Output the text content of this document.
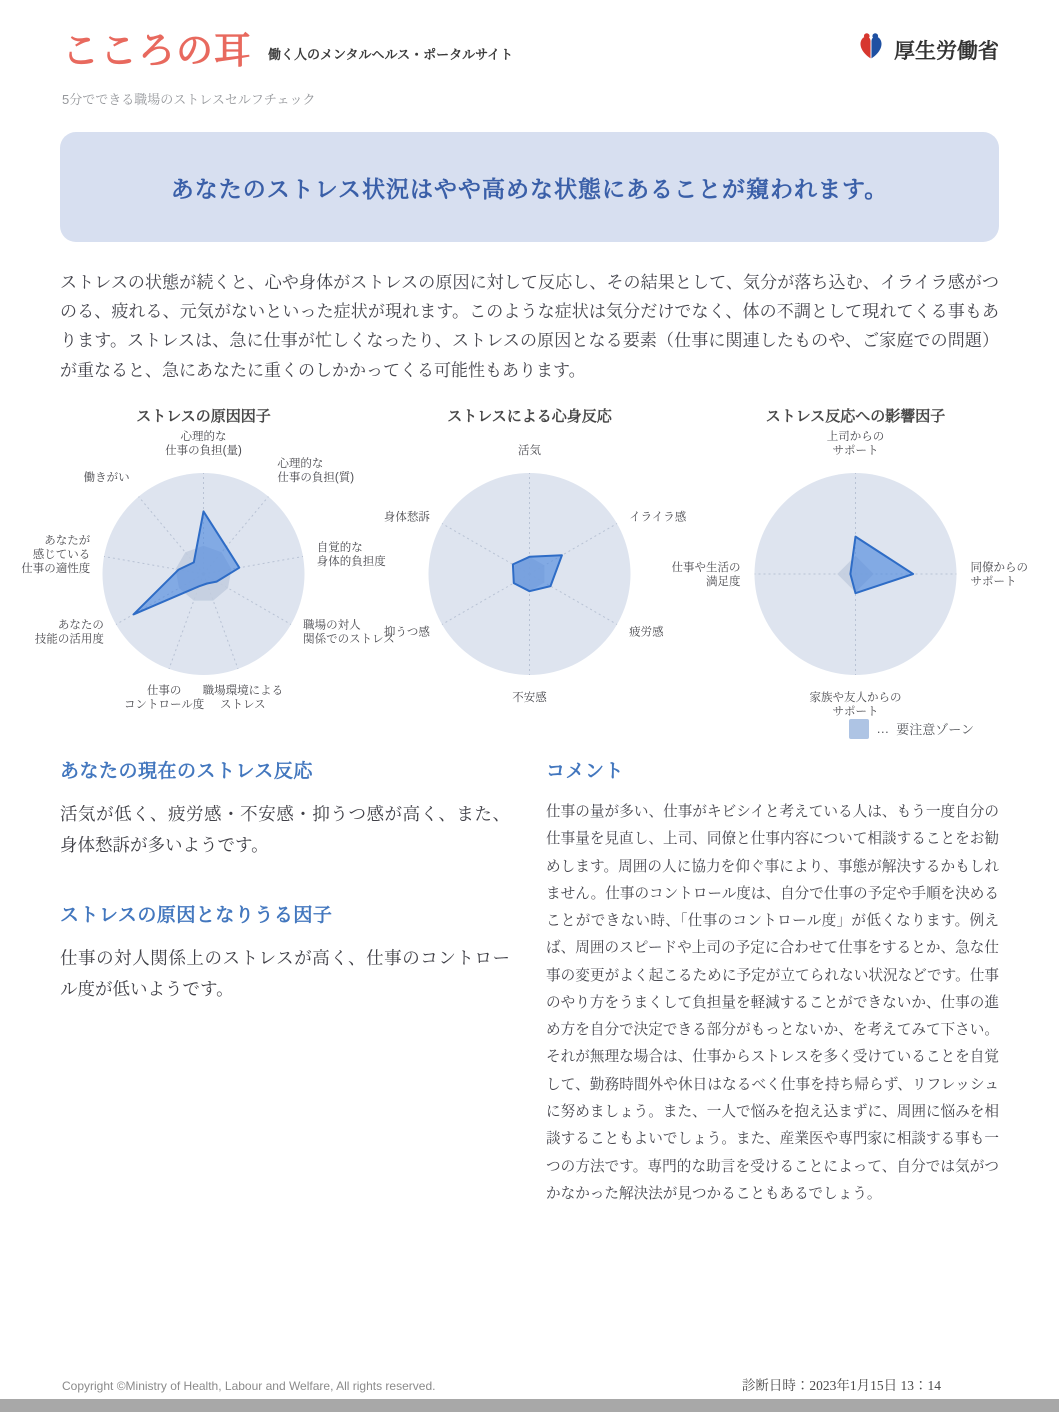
こころの耳 働く人のメンタルヘルス・ポータルサイト	厚生労働省
5分でできる職場のストレスセルフチェック
あなたのストレス状況はやや高めな状態にあることが窺われます。

ストレスの状態が続くと、心や身体がストレスの原因に対して反応し、その結果として、気分が落ち込む、イライラ感がつのる、疲れる、元気がないといった症状が現れます。このような症状は気分だけでなく、体の不調として現れてくる事もあります。ストレスは、急に仕事が忙しくなったり、ストレスの原因となる要素（仕事に関連したものや、ご家庭での問題）が重なると、急にあなたに重くのしかかってくる可能性もあります。

ストレスの原因因子
心理的な仕事の負担(量)
心理的な仕事の負担(質)
自覚的な身体的負担度
職場の対人関係でのストレス
職場環境によるストレス
仕事のコントロール度
あなたの技能の活用度
あなたが感じている仕事の適性度
働きがい
ストレスによる心身反応
活気
イライラ感
疲労感
不安感
抑うつ感
身体愁訴
ストレス反応への影響因子
上司からのサポート
同僚からのサポート
家族や友人からのサポート
仕事や生活の満足度
… 要注意ゾーン
あなたの現在のストレス反応

活気が低く、疲労感・不安感・抑うつ感が高く、また、身体愁訴が多いようです。

ストレスの原因となりうる因子

仕事の対人関係上のストレスが高く、仕事のコントロール度が低いようです。

コメント

仕事の量が多い、仕事がキビシイと考えている人は、もう一度自分の仕事量を見直し、上司、同僚と仕事内容について相談することをお勧めします。周囲の人に協力を仰ぐ事により、事態が解決するかもしれません。仕事のコントロール度は、自分で仕事の予定や手順を決めることができない時、「仕事のコントロール度」が低くなります。例えば、周囲のスピードや上司の予定に合わせて仕事をするとか、急な仕事の変更がよく起こるために予定が立てられない状況などです。仕事のやり方をうまくして負担量を軽減することができないか、仕事の進め方を自分で決定できる部分がもっとないか、を考えてみて下さい。それが無理な場合は、仕事からストレスを多く受けていることを自覚して、勤務時間外や休日はなるべく仕事を持ち帰らず、リフレッシュに努めましょう。また、一人で悩みを抱え込まずに、周囲に悩みを相談することもよいでしょう。また、産業医や専門家に相談する事も一つの方法です。専門的な助言を受けることによって、自分では気がつかなかった解決法が見つかることもあるでしょう。

Copyright ©Ministry of Health, Labour and Welfare, All rights reserved.	診断日時：2023年1月15日 13：14
